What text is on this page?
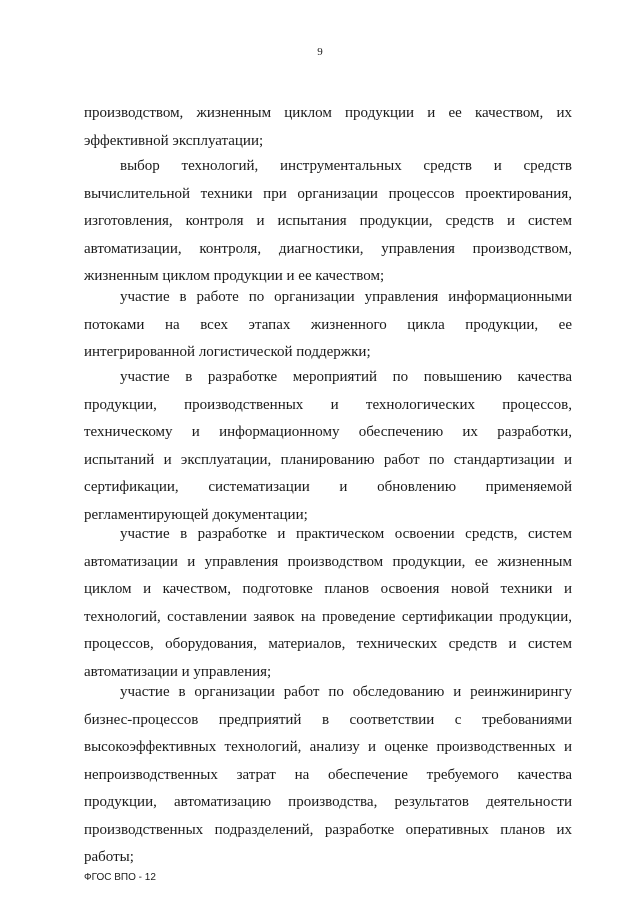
9
производством, жизненным циклом продукции и ее качеством, их
эффективной эксплуатации;
выбор технологий, инструментальных средств и средств
вычислительной техники при организации процессов проектирования,
изготовления, контроля и испытания продукции, средств и систем
автоматизации, контроля, диагностики, управления производством,
жизненным циклом продукции и ее качеством;
участие в работе по организации управления информационными
потоками на всех этапах жизненного цикла продукции, ее
интегрированной логистической поддержки;
участие в разработке мероприятий по повышению качества
продукции, производственных и технологических процессов,
техническому и информационному обеспечению их разработки,
испытаний и эксплуатации, планированию работ по стандартизации и
сертификации, систематизации и обновлению применяемой
регламентирующей документации;
участие в разработке и практическом освоении средств, систем
автоматизации и управления производством продукции, ее жизненным
циклом и качеством, подготовке планов освоения новой техники и
технологий, составлении заявок на проведение сертификации продукции,
процессов, оборудования, материалов, технических средств и систем
автоматизации и управления;
участие в организации работ по обследованию и реинжинирингу
бизнес-процессов предприятий в соответствии с требованиями
высокоэффективных технологий, анализу и оценке производственных и
непроизводственных затрат на обеспечение требуемого качества
продукции, автоматизацию производства, результатов деятельности
производственных подразделений, разработке оперативных планов их
работы;
ФГОС ВПО - 12
